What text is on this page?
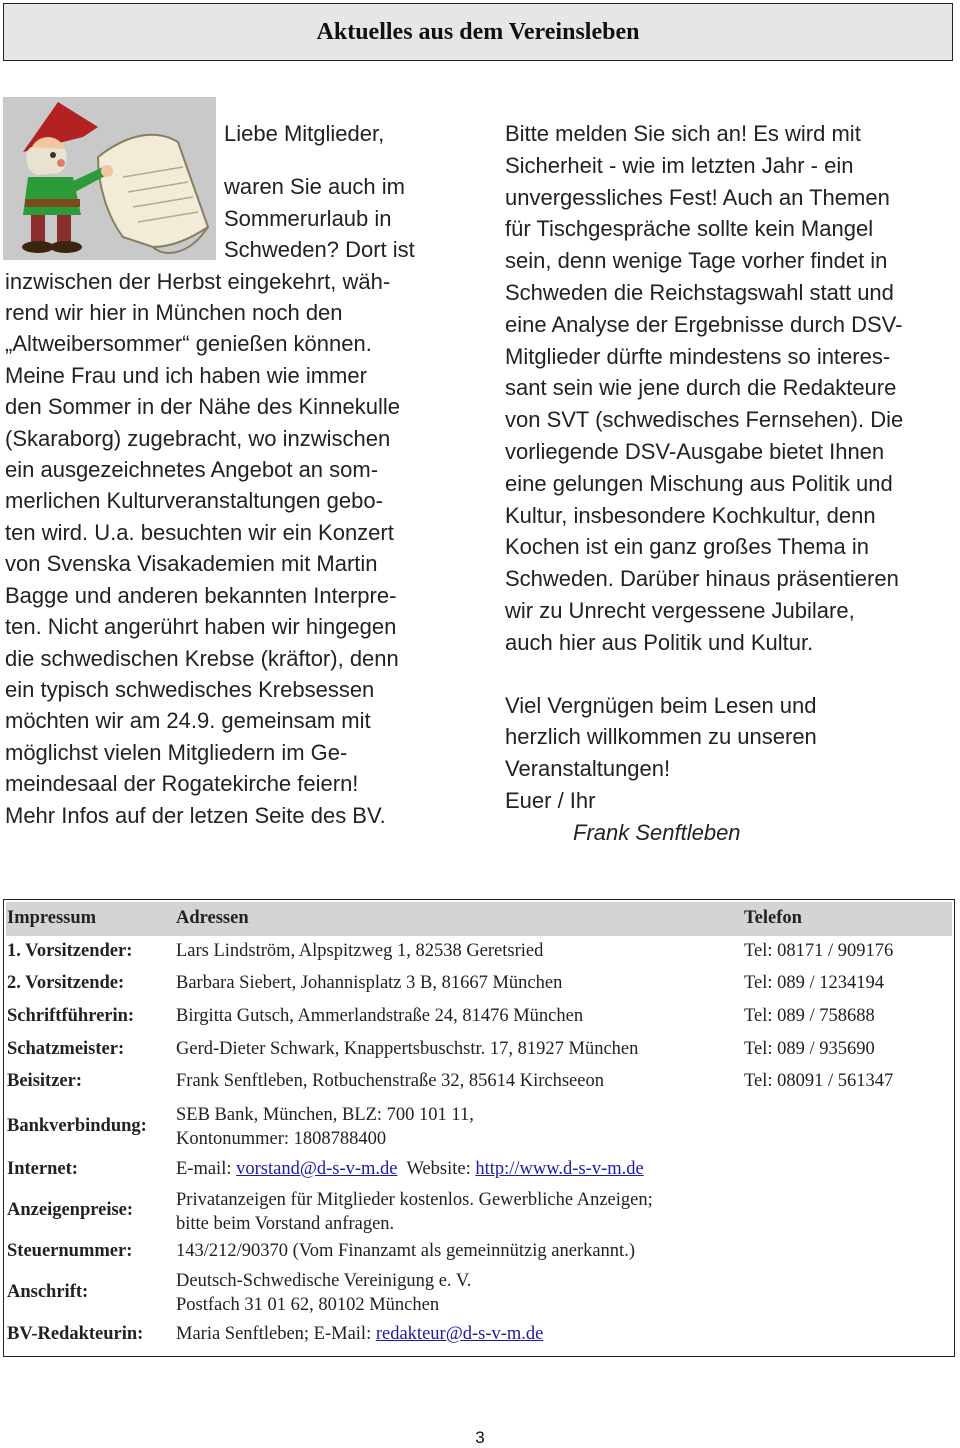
Aktuelles aus dem Vereinsleben

Liebe Mitglieder,

waren Sie auch im

Sommerurlaub in

Schweden? Dort ist

inzwischen der Herbst eingekehrt, wäh-

rend wir hier in München noch den

„Altweibersommer“ genießen können.

Meine Frau und ich haben wie immer

den Sommer in der Nähe des Kinnekulle

(Skaraborg) zugebracht, wo inzwischen

ein ausgezeichnetes Angebot an som-

merlichen Kulturveranstaltungen gebo-

ten wird. U.a. besuchten wir ein Konzert

von Svenska Visakademien mit Martin

Bagge und anderen bekannten Interpre-

ten. Nicht angerührt haben wir hingegen

die schwedischen Krebse (kräftor), denn

ein typisch schwedisches Krebsessen

möchten wir am 24.9. gemeinsam mit

möglichst vielen Mitgliedern im Ge-

meindesaal der Rogatekirche feiern!

Mehr Infos auf der letzen Seite des BV.

Bitte melden Sie sich an! Es wird mit

Sicherheit - wie im letzten Jahr - ein

unvergessliches Fest! Auch an Themen

für Tischgespräche sollte kein Mangel

sein, denn wenige Tage vorher findet in

Schweden die Reichstagswahl statt und

eine Analyse der Ergebnisse durch DSV-

Mitglieder dürfte mindestens so interes-

sant sein wie jene durch die Redakteure

von SVT (schwedisches Fernsehen). Die

vorliegende DSV-Ausgabe bietet Ihnen

eine gelungen Mischung aus Politik und

Kultur, insbesondere Kochkultur, denn

Kochen ist ein ganz großes Thema in

Schweden. Darüber hinaus präsentieren

wir zu Unrecht vergessene Jubilare,

auch hier aus Politik und Kultur.

Viel Vergnügen beim Lesen und

herzlich willkommen zu unseren

Veranstaltungen!

Euer / Ihr

Frank Senftleben

Impressum	Adressen	Telefon
1. Vorsitzender: Lars Lindström, Alpspitzweg 1, 82538 Geretsried	Tel: 08171 / 909176
2. Vorsitzende:	Barbara Siebert, Johannisplatz 3 B, 81667 München	Tel: 089 / 1234194
Schriftführerin: Birgitta Gutsch, Ammerlandstraße 24, 81476 München	Tel: 089 / 758688
Schatzmeister:	Gerd-Dieter Schwark, Knappertsbuschstr. 17, 81927 München	Tel: 089 / 935690
Beisitzer:	Frank Senftleben, Rotbuchenstraße 32, 85614 Kirchseeon	Tel: 08091 / 561347
Bankverbindung:
SEB Bank, München, BLZ: 700 101 11,
Kontonummer: 1808788400
Internet:	E-mail: vorstand@d-s-v-m.de Website: http://www.d-s-v-m.de
Anzeigenpreise: Privatanzeigen für Mitglieder kostenlos. Gewerbliche Anzeigen;
bitte beim Vorstand anfragen.
Steuernummer: 143/212/90370 (Vom Finanzamt als gemeinnützig anerkannt.)
Anschrift:
Deutsch-Schwedische Vereinigung e. V.
Postfach 31 01 62, 80102 München
BV-Redakteurin: Maria Senftleben; E-Mail: redakteur@d-s-v-m.de
3
